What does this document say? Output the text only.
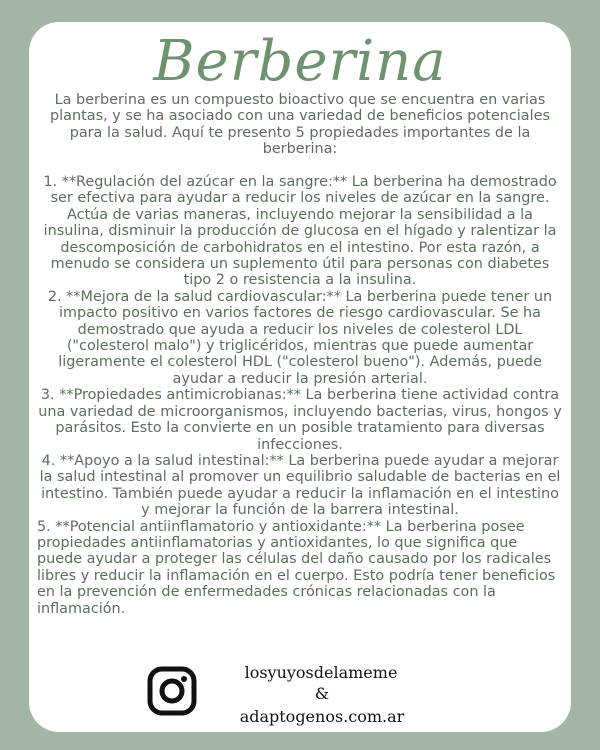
Berberina

La berberina es un compuesto bioactivo que se encuentra en varias plantas, y se ha asociado con una variedad de beneficios potenciales para la salud. Aquí te presento 5 propiedades importantes de la berberina:

1. **Regulación del azúcar en la sangre:** La berberina ha demostrado ser efectiva para ayudar a reducir los niveles de azúcar en la sangre. Actúa de varias maneras, incluyendo mejorar la sensibilidad a la insulina, disminuir la producción de glucosa en el hígado y ralentizar la descomposición de carbohidratos en el intestino. Por esta razón, a menudo se considera un suplemento útil para personas con diabetes tipo 2 o resistencia a la insulina.

2. **Mejora de la salud cardiovascular:** La berberina puede tener un impacto positivo en varios factores de riesgo cardiovascular. Se ha demostrado que ayuda a reducir los niveles de colesterol LDL ("colesterol malo") y triglicéridos, mientras que puede aumentar ligeramente el colesterol HDL ("colesterol bueno"). Además, puede ayudar a reducir la presión arterial.

3. **Propiedades antimicrobianas:** La berberina tiene actividad contra una variedad de microorganismos, incluyendo bacterias, virus, hongos y parásitos. Esto la convierte en un posible tratamiento para diversas infecciones.

4. **Apoyo a la salud intestinal:** La berberina puede ayudar a mejorar la salud intestinal al promover un equilibrio saludable de bacterias en el intestino. También puede ayudar a reducir la inflamación en el intestino y mejorar la función de la barrera intestinal.

5. **Potencial antiinflamatorio y antioxidante:** La berberina posee propiedades antiinflamatorias y antioxidantes, lo que significa que puede ayudar a proteger las células del daño causado por los radicales libres y reducir la inflamación en el cuerpo. Esto podría tener beneficios en la prevención de enfermedades crónicas relacionadas con la inflamación.

losyuyosdelameme
&
adaptogenos.com.ar
